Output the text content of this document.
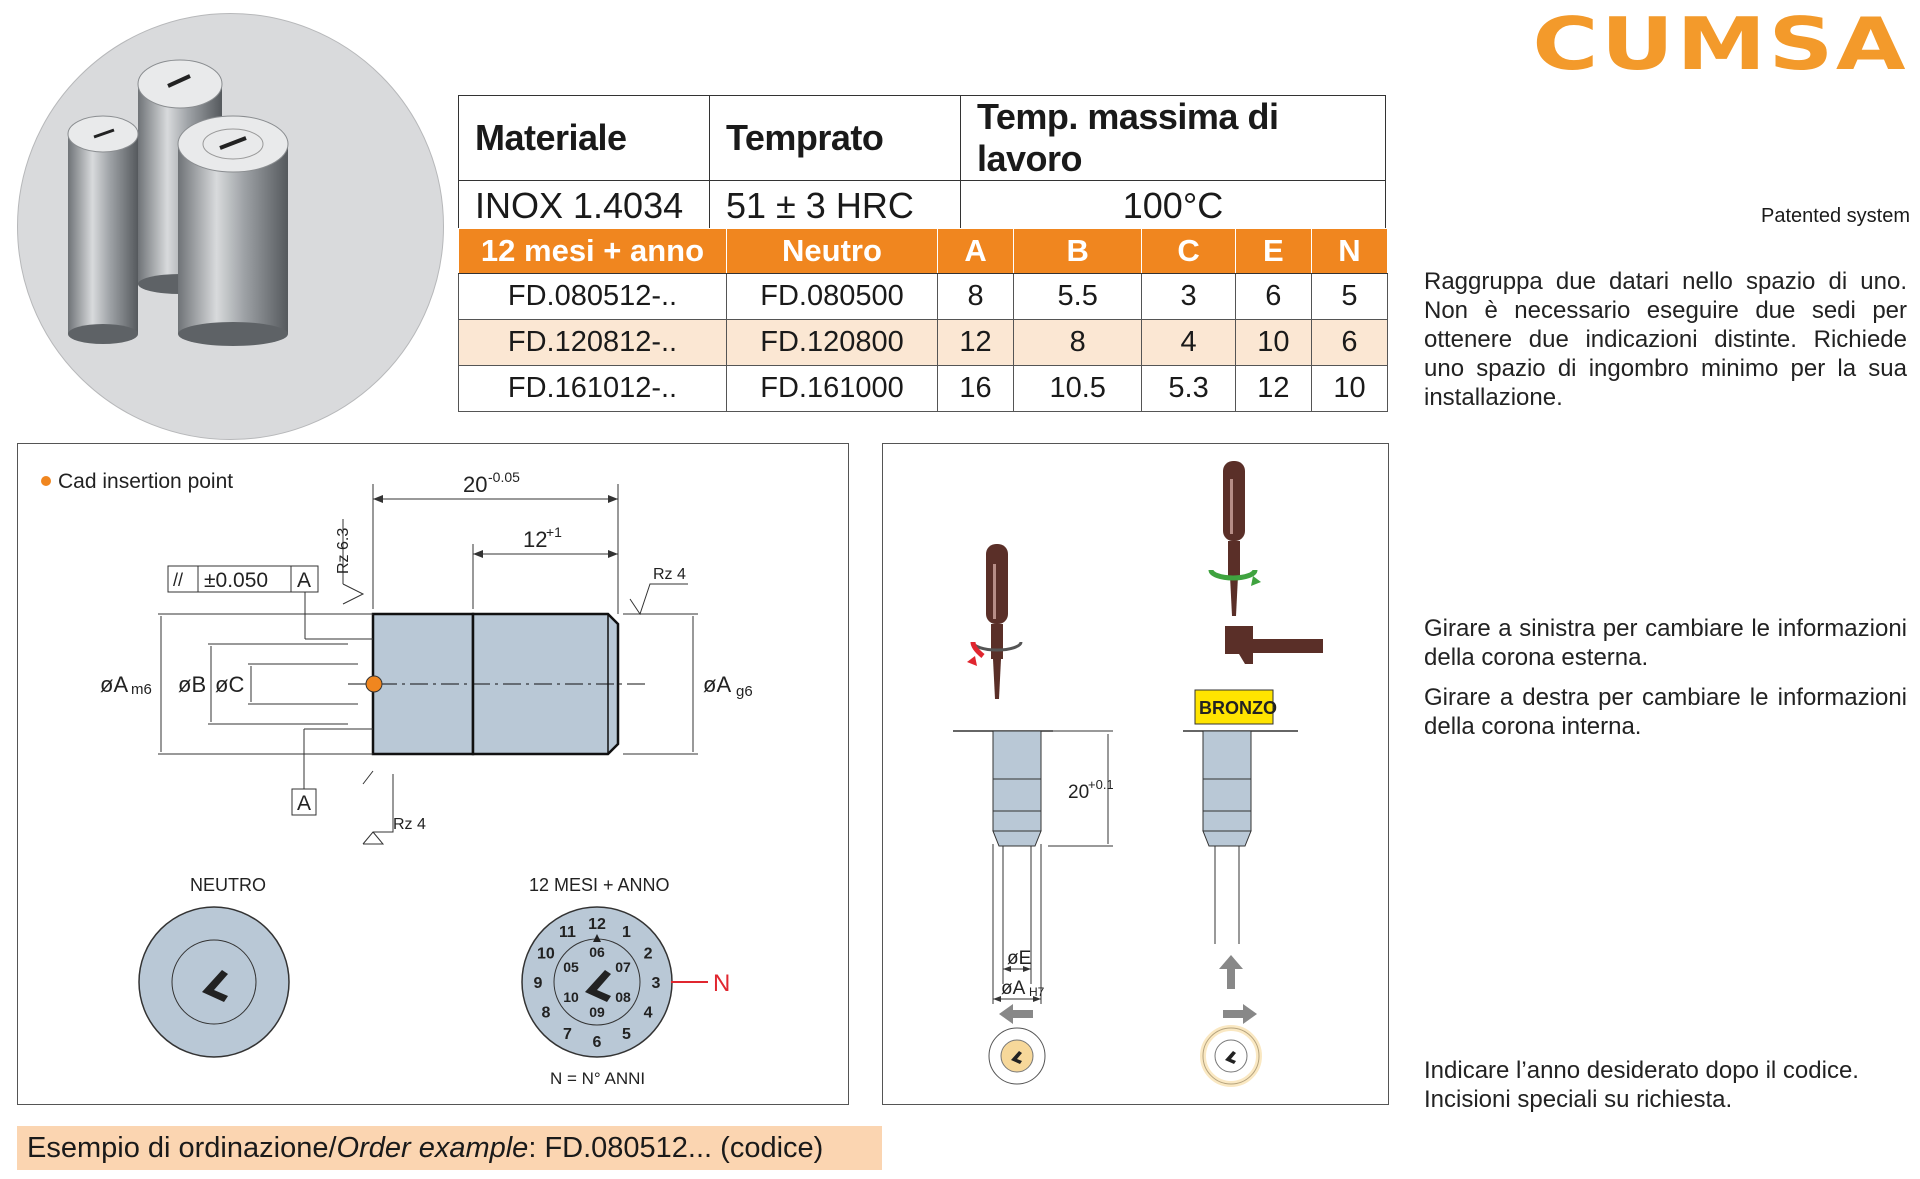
CUMSA
Materiale	Temprato	Temp. massima di lavoro
INOX 1.4034	51 ± 3 HRC	100°C
12 mesi + anno	Neutro	A	B	C	E	N
FD.080512-..	FD.080500	8	5.5	3	6	5
FD.120812-..	FD.120800	12	8	4	10	6
FD.161012-..	FD.161000	16	10.5	5.3	12	10
Patented system
Raggruppa due datari nello spazio di uno. Non è necessario eseguire due sedi per ottenere due indicazioni distinte. Richiede uno spazio di ingombro minimo per la sua installazione.
Girare a sinistra per cambiare le informazioni della corona esterna.
Girare a destra per cambiare le informazioni della corona interna.
Indicare l’anno desiderato dopo il codice.
Incisioni speciali su richiesta.
Cad insertion point	20 -0.05
12
+1
Rz 6.3
Rz 4
Rz 4
// ±0.050 A
A
øA m6 øB øC	øA g6
NEUTRO	12 MESI + ANNO
1
2
3
4
5
6
7
8
9
10
11 12
05
06
07
08
09
10	N
N = N° ANNI
BRONZO
20
+0.1
øE
øA H7
Esempio di ordinazione/Order example: FD.080512... (codice)
